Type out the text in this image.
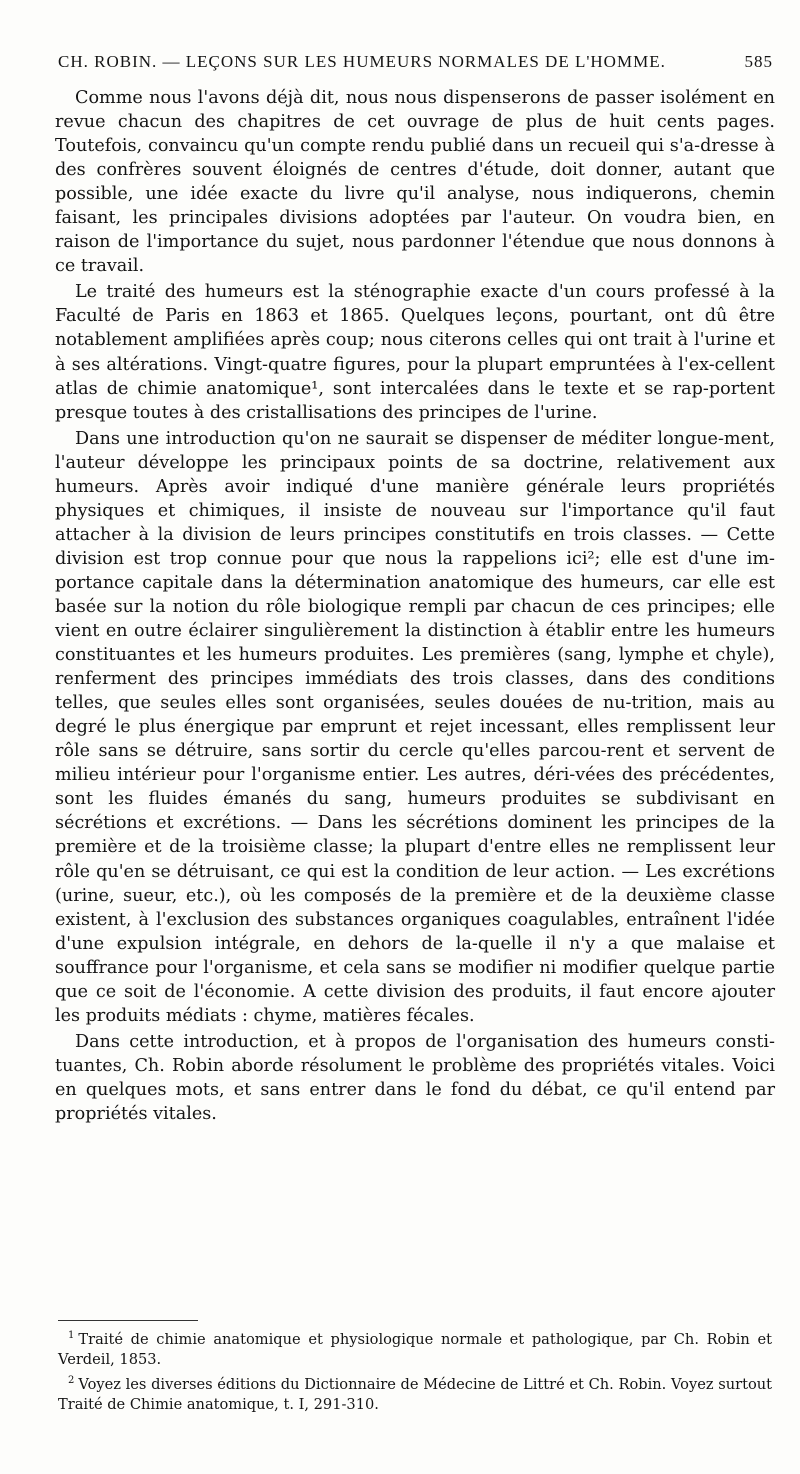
CH. ROBIN. — LEÇONS SUR LES HUMEURS NORMALES DE L'HOMME.	585

Comme nous l'avons déjà dit, nous nous dispenserons de passer isolément en revue chacun des chapitres de cet ouvrage de plus de huit cents pages. Toutefois, convaincu qu'un compte rendu publié dans un recueil qui s'a-dresse à des confrères souvent éloignés de centres d'étude, doit donner, autant que possible, une idée exacte du livre qu'il analyse, nous indiquerons, chemin faisant, les principales divisions adoptées par l'auteur. On voudra bien, en raison de l'importance du sujet, nous pardonner l'étendue que nous donnons à ce travail.

Le traité des humeurs est la sténographie exacte d'un cours professé à la Faculté de Paris en 1863 et 1865. Quelques leçons, pourtant, ont dû être notablement amplifiées après coup; nous citerons celles qui ont trait à l'urine et à ses altérations. Vingt-quatre figures, pour la plupart empruntées à l'ex-cellent atlas de chimie anatomique¹, sont intercalées dans le texte et se rap-portent presque toutes à des cristallisations des principes de l'urine.

Dans une introduction qu'on ne saurait se dispenser de méditer longue-ment, l'auteur développe les principaux points de sa doctrine, relativement aux humeurs. Après avoir indiqué d'une manière générale leurs propriétés physiques et chimiques, il insiste de nouveau sur l'importance qu'il faut attacher à la division de leurs principes constitutifs en trois classes. — Cette division est trop connue pour que nous la rappelions ici²; elle est d'une im-portance capitale dans la détermination anatomique des humeurs, car elle est basée sur la notion du rôle biologique rempli par chacun de ces principes; elle vient en outre éclairer singulièrement la distinction à établir entre les humeurs constituantes et les humeurs produites. Les premières (sang, lymphe et chyle), renferment des principes immédiats des trois classes, dans des conditions telles, que seules elles sont organisées, seules douées de nu-trition, mais au degré le plus énergique par emprunt et rejet incessant, elles remplissent leur rôle sans se détruire, sans sortir du cercle qu'elles parcou-rent et servent de milieu intérieur pour l'organisme entier. Les autres, déri-vées des précédentes, sont les fluides émanés du sang, humeurs produites se subdivisant en sécrétions et excrétions. — Dans les sécrétions dominent les principes de la première et de la troisième classe; la plupart d'entre elles ne remplissent leur rôle qu'en se détruisant, ce qui est la condition de leur action. — Les excrétions (urine, sueur, etc.), où les composés de la première et de la deuxième classe existent, à l'exclusion des substances organiques coagulables, entraînent l'idée d'une expulsion intégrale, en dehors de la-quelle il n'y a que malaise et souffrance pour l'organisme, et cela sans se modifier ni modifier quelque partie que ce soit de l'économie. A cette division des produits, il faut encore ajouter les produits médiats : chyme, matières fécales.

Dans cette introduction, et à propos de l'organisation des humeurs consti-tuantes, Ch. Robin aborde résolument le problème des propriétés vitales. Voici en quelques mots, et sans entrer dans le fond du débat, ce qu'il entend par propriétés vitales.

$^1$ Traité de chimie anatomique et physiologique normale et pathologique, par Ch. Robin et Verdeil, 1853.

$^2$ Voyez les diverses éditions du Dictionnaire de Médecine de Littré et Ch. Robin. Voyez surtout Traité de Chimie anatomique, t. I, 291-310.
